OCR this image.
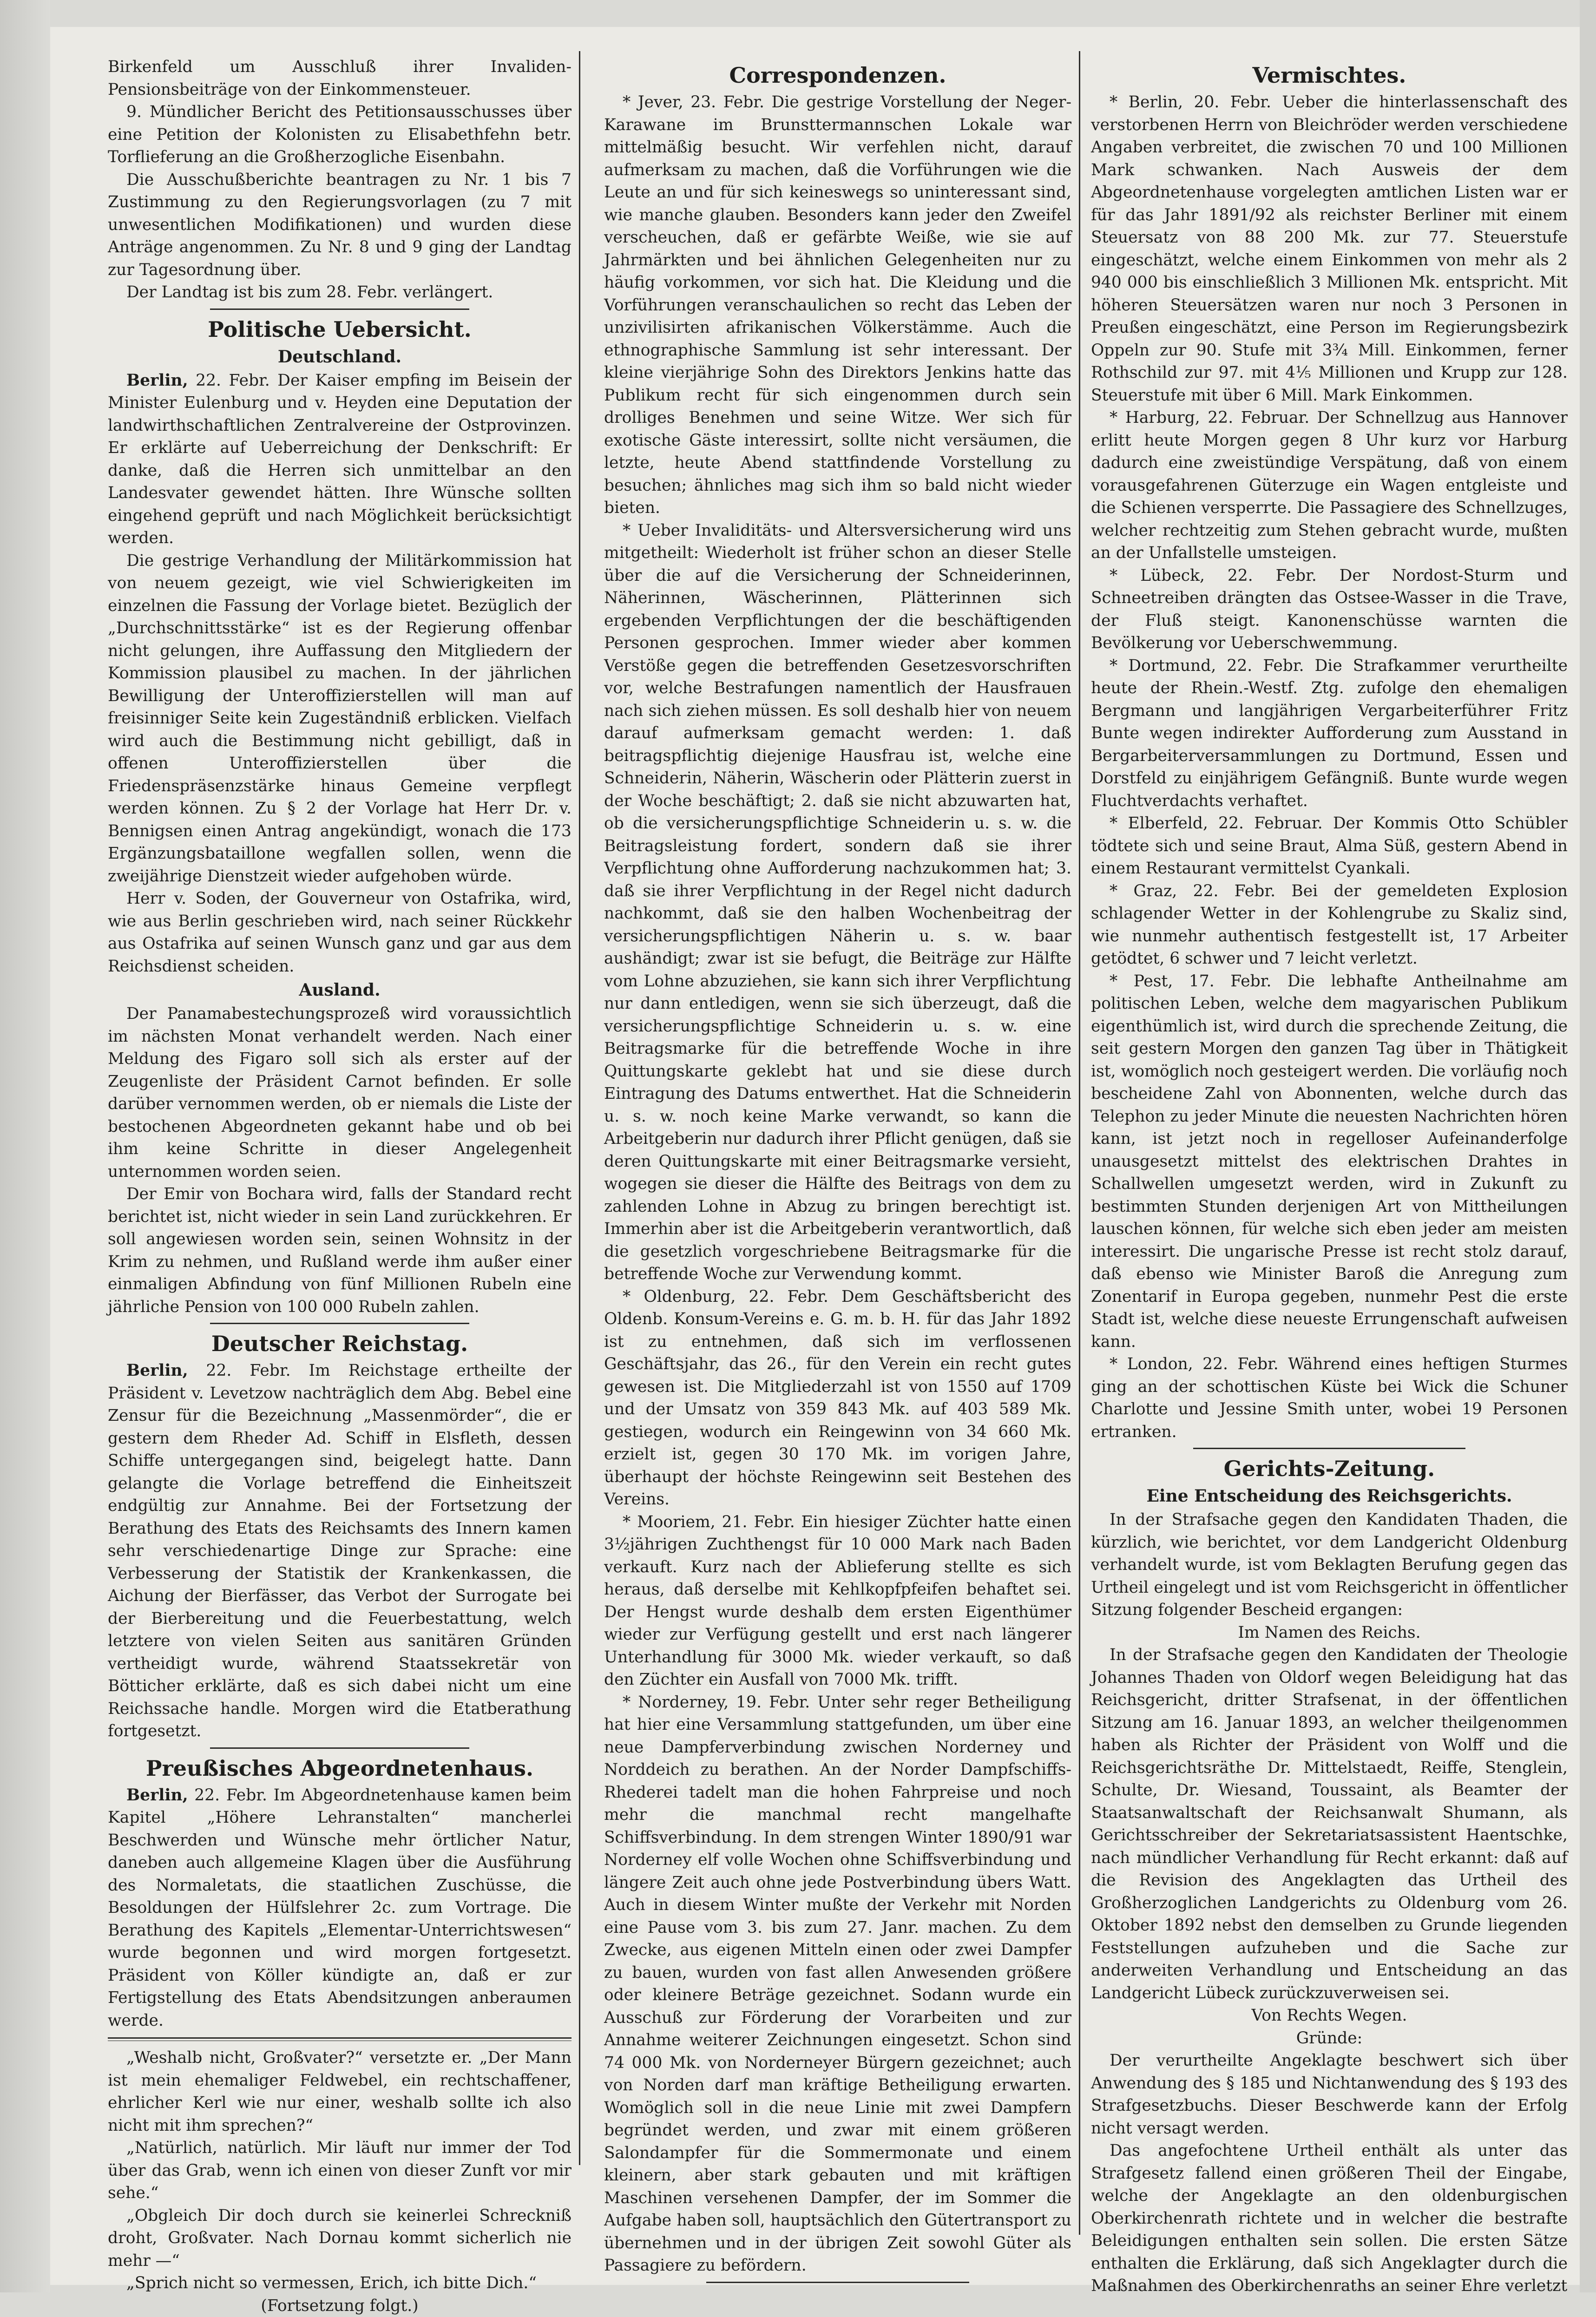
Birkenfeld um Ausschluß ihrer Invaliden-Pensionsbeiträge von der Einkommensteuer.

9. Mündlicher Bericht des Petitionsausschusses über eine Petition der Kolonisten zu Elisabethfehn betr. Torflieferung an die Großherzogliche Eisenbahn.

Die Ausschußberichte beantragen zu Nr. 1 bis 7 Zustimmung zu den Regierungsvorlagen (zu 7 mit unwesentlichen Modifikationen) und wurden diese Anträge angenommen. Zu Nr. 8 und 9 ging der Landtag zur Tagesordnung über.

Der Landtag ist bis zum 28. Febr. verlängert.

Politische Uebersicht.
Deutschland.

Berlin, 22. Febr. Der Kaiser empfing im Beisein der Minister Eulenburg und v. Heyden eine Deputation der landwirthschaftlichen Zentralvereine der Ostprovinzen. Er erklärte auf Ueberreichung der Denkschrift: Er danke, daß die Herren sich unmittelbar an den Landesvater gewendet hätten. Ihre Wünsche sollten eingehend geprüft und nach Möglichkeit berücksichtigt werden.

Die gestrige Verhandlung der Militärkommission hat von neuem gezeigt, wie viel Schwierigkeiten im einzelnen die Fassung der Vorlage bietet. Bezüglich der „Durchschnittsstärke“ ist es der Regierung offenbar nicht gelungen, ihre Auffassung den Mitgliedern der Kommission plausibel zu machen. In der jährlichen Bewilligung der Unteroffizierstellen will man auf freisinniger Seite kein Zugeständniß erblicken. Vielfach wird auch die Bestimmung nicht gebilligt, daß in offenen Unteroffizierstellen über die Friedenspräsenzstärke hinaus Gemeine verpflegt werden können. Zu § 2 der Vorlage hat Herr Dr. v. Bennigsen einen Antrag angekündigt, wonach die 173 Ergänzungsbataillone wegfallen sollen, wenn die zweijährige Dienstzeit wieder aufgehoben würde.

Herr v. Soden, der Gouverneur von Ostafrika, wird, wie aus Berlin geschrieben wird, nach seiner Rückkehr aus Ostafrika auf seinen Wunsch ganz und gar aus dem Reichsdienst scheiden.

Ausland.

Der Panamabestechungsprozeß wird voraussichtlich im nächsten Monat verhandelt werden. Nach einer Meldung des Figaro soll sich als erster auf der Zeugenliste der Präsident Carnot befinden. Er solle darüber vernommen werden, ob er niemals die Liste der bestochenen Abgeordneten gekannt habe und ob bei ihm keine Schritte in dieser Angelegenheit unternommen worden seien.

Der Emir von Bochara wird, falls der Standard recht berichtet ist, nicht wieder in sein Land zurückkehren. Er soll angewiesen worden sein, seinen Wohnsitz in der Krim zu nehmen, und Rußland werde ihm außer einer einmaligen Abfindung von fünf Millionen Rubeln eine jährliche Pension von 100 000 Rubeln zahlen.

Deutscher Reichstag.

Berlin, 22. Febr. Im Reichstage ertheilte der Präsident v. Levetzow nachträglich dem Abg. Bebel eine Zensur für die Bezeichnung „Massenmörder“, die er gestern dem Rheder Ad. Schiff in Elsfleth, dessen Schiffe untergegangen sind, beigelegt hatte. Dann gelangte die Vorlage betreffend die Einheitszeit endgültig zur Annahme. Bei der Fortsetzung der Berathung des Etats des Reichsamts des Innern kamen sehr verschiedenartige Dinge zur Sprache: eine Verbesserung der Statistik der Krankenkassen, die Aichung der Bierfässer, das Verbot der Surrogate bei der Bierbereitung und die Feuerbestattung, welch letztere von vielen Seiten aus sanitären Gründen vertheidigt wurde, während Staatssekretär von Bötticher erklärte, daß es sich dabei nicht um eine Reichssache handle. Morgen wird die Etatberathung fortgesetzt.

Preußisches Abgeordnetenhaus.

Berlin, 22. Febr. Im Abgeordnetenhause kamen beim Kapitel „Höhere Lehranstalten“ mancherlei Beschwerden und Wünsche mehr örtlicher Natur, daneben auch allgemeine Klagen über die Ausführung des Normaletats, die staatlichen Zuschüsse, die Besoldungen der Hülfslehrer 2c. zum Vortrage. Die Berathung des Kapitels „Elementar-Unterrichtswesen“ wurde begonnen und wird morgen fortgesetzt. Präsident von Köller kündigte an, daß er zur Fertigstellung des Etats Abendsitzungen anberaumen werde.

„Weshalb nicht, Großvater?“ versetzte er. „Der Mann ist mein ehemaliger Feldwebel, ein rechtschaffener, ehrlicher Kerl wie nur einer, weshalb sollte ich also nicht mit ihm sprechen?“

„Natürlich, natürlich. Mir läuft nur immer der Tod über das Grab, wenn ich einen von dieser Zunft vor mir sehe.“

„Obgleich Dir doch durch sie keinerlei Schreckniß droht, Großvater. Nach Dornau kommt sicherlich nie mehr —“

„Sprich nicht so vermessen, Erich, ich bitte Dich.“

(Fortsetzung folgt.)

Correspondenzen.

* Jever, 23. Febr. Die gestrige Vorstellung der Neger-Karawane im Brunsttermannschen Lokale war mittelmäßig besucht. Wir verfehlen nicht, darauf aufmerksam zu machen, daß die Vorführungen wie die Leute an und für sich keineswegs so uninteressant sind, wie manche glauben. Besonders kann jeder den Zweifel verscheuchen, daß er gefärbte Weiße, wie sie auf Jahrmärkten und bei ähnlichen Gelegenheiten nur zu häufig vorkommen, vor sich hat. Die Kleidung und die Vorführungen veranschaulichen so recht das Leben der unzivilisirten afrikanischen Völkerstämme. Auch die ethnographische Sammlung ist sehr interessant. Der kleine vierjährige Sohn des Direktors Jenkins hatte das Publikum recht für sich eingenommen durch sein drolliges Benehmen und seine Witze. Wer sich für exotische Gäste interessirt, sollte nicht versäumen, die letzte, heute Abend stattfindende Vorstellung zu besuchen; ähnliches mag sich ihm so bald nicht wieder bieten.

* Ueber Invaliditäts- und Altersversicherung wird uns mitgetheilt: Wiederholt ist früher schon an dieser Stelle über die auf die Versicherung der Schneiderinnen, Näherinnen, Wäscherinnen, Plätterinnen sich ergebenden Verpflichtungen der die beschäftigenden Personen gesprochen. Immer wieder aber kommen Verstöße gegen die betreffenden Gesetzesvorschriften vor, welche Bestrafungen namentlich der Hausfrauen nach sich ziehen müssen. Es soll deshalb hier von neuem darauf aufmerksam gemacht werden: 1. daß beitragspflichtig diejenige Hausfrau ist, welche eine Schneiderin, Näherin, Wäscherin oder Plätterin zuerst in der Woche beschäftigt; 2. daß sie nicht abzuwarten hat, ob die versicherungspflichtige Schneiderin u. s. w. die Beitragsleistung fordert, sondern daß sie ihrer Verpflichtung ohne Aufforderung nachzukommen hat; 3. daß sie ihrer Verpflichtung in der Regel nicht dadurch nachkommt, daß sie den halben Wochenbeitrag der versicherungspflichtigen Näherin u. s. w. baar aushändigt; zwar ist sie befugt, die Beiträge zur Hälfte vom Lohne abzuziehen, sie kann sich ihrer Verpflichtung nur dann entledigen, wenn sie sich überzeugt, daß die versicherungspflichtige Schneiderin u. s. w. eine Beitragsmarke für die betreffende Woche in ihre Quittungskarte geklebt hat und sie diese durch Eintragung des Datums entwerthet. Hat die Schneiderin u. s. w. noch keine Marke verwandt, so kann die Arbeitgeberin nur dadurch ihrer Pflicht genügen, daß sie deren Quittungskarte mit einer Beitragsmarke versieht, wogegen sie dieser die Hälfte des Beitrags von dem zu zahlenden Lohne in Abzug zu bringen berechtigt ist. Immerhin aber ist die Arbeitgeberin verantwortlich, daß die gesetzlich vorgeschriebene Beitragsmarke für die betreffende Woche zur Verwendung kommt.

* Oldenburg, 22. Febr. Dem Geschäftsbericht des Oldenb. Konsum-Vereins e. G. m. b. H. für das Jahr 1892 ist zu entnehmen, daß sich im verflossenen Geschäftsjahr, das 26., für den Verein ein recht gutes gewesen ist. Die Mitgliederzahl ist von 1550 auf 1709 und der Umsatz von 359 843 Mk. auf 403 589 Mk. gestiegen, wodurch ein Reingewinn von 34 660 Mk. erzielt ist, gegen 30 170 Mk. im vorigen Jahre, überhaupt der höchste Reingewinn seit Bestehen des Vereins.

* Mooriem, 21. Febr. Ein hiesiger Züchter hatte einen 3½jährigen Zuchthengst für 10 000 Mark nach Baden verkauft. Kurz nach der Ablieferung stellte es sich heraus, daß derselbe mit Kehlkopfpfeifen behaftet sei. Der Hengst wurde deshalb dem ersten Eigenthümer wieder zur Verfügung gestellt und erst nach längerer Unterhandlung für 3000 Mk. wieder verkauft, so daß den Züchter ein Ausfall von 7000 Mk. trifft.

* Norderney, 19. Febr. Unter sehr reger Betheiligung hat hier eine Versammlung stattgefunden, um über eine neue Dampferverbindung zwischen Norderney und Norddeich zu berathen. An der Norder Dampfschiffs-Rhederei tadelt man die hohen Fahrpreise und noch mehr die manchmal recht mangelhafte Schiffsverbindung. In dem strengen Winter 1890/91 war Norderney elf volle Wochen ohne Schiffsverbindung und längere Zeit auch ohne jede Postverbindung übers Watt. Auch in diesem Winter mußte der Verkehr mit Norden eine Pause vom 3. bis zum 27. Janr. machen. Zu dem Zwecke, aus eigenen Mitteln einen oder zwei Dampfer zu bauen, wurden von fast allen Anwesenden größere oder kleinere Beträge gezeichnet. Sodann wurde ein Ausschuß zur Förderung der Vorarbeiten und zur Annahme weiterer Zeichnungen eingesetzt. Schon sind 74 000 Mk. von Norderneyer Bürgern gezeichnet; auch von Norden darf man kräftige Betheiligung erwarten. Womöglich soll in die neue Linie mit zwei Dampfern begründet werden, und zwar mit einem größeren Salondampfer für die Sommermonate und einem kleinern, aber stark gebauten und mit kräftigen Maschinen versehenen Dampfer, der im Sommer die Aufgabe haben soll, hauptsächlich den Gütertransport zu übernehmen und in der übrigen Zeit sowohl Güter als Passagiere zu befördern.

Vermischtes.

* Berlin, 20. Febr. Ueber die hinterlassenschaft des verstorbenen Herrn von Bleichröder werden verschiedene Angaben verbreitet, die zwischen 70 und 100 Millionen Mark schwanken. Nach Ausweis der dem Abgeordnetenhause vorgelegten amtlichen Listen war er für das Jahr 1891/92 als reichster Berliner mit einem Steuersatz von 88 200 Mk. zur 77. Steuerstufe eingeschätzt, welche einem Einkommen von mehr als 2 940 000 bis einschließlich 3 Millionen Mk. entspricht. Mit höheren Steuersätzen waren nur noch 3 Personen in Preußen eingeschätzt, eine Person im Regierungsbezirk Oppeln zur 90. Stufe mit 3¾ Mill. Einkommen, ferner Rothschild zur 97. mit 4⅕ Millionen und Krupp zur 128. Steuerstufe mit über 6 Mill. Mark Einkommen.

* Harburg, 22. Februar. Der Schnellzug aus Hannover erlitt heute Morgen gegen 8 Uhr kurz vor Harburg dadurch eine zweistündige Verspätung, daß von einem vorausgefahrenen Güterzuge ein Wagen entgleiste und die Schienen versperrte. Die Passagiere des Schnellzuges, welcher rechtzeitig zum Stehen gebracht wurde, mußten an der Unfallstelle umsteigen.

* Lübeck, 22. Febr. Der Nordost-Sturm und Schneetreiben drängten das Ostsee-Wasser in die Trave, der Fluß steigt. Kanonenschüsse warnten die Bevölkerung vor Ueberschwemmung.

* Dortmund, 22. Febr. Die Strafkammer verurtheilte heute der Rhein.-Westf. Ztg. zufolge den ehemaligen Bergmann und langjährigen Vergarbeiterführer Fritz Bunte wegen indirekter Aufforderung zum Ausstand in Bergarbeiterversammlungen zu Dortmund, Essen und Dorstfeld zu einjährigem Gefängniß. Bunte wurde wegen Fluchtverdachts verhaftet.

* Elberfeld, 22. Februar. Der Kommis Otto Schübler tödtete sich und seine Braut, Alma Süß, gestern Abend in einem Restaurant vermittelst Cyankali.

* Graz, 22. Febr. Bei der gemeldeten Explosion schlagender Wetter in der Kohlengrube zu Skaliz sind, wie nunmehr authentisch festgestellt ist, 17 Arbeiter getödtet, 6 schwer und 7 leicht verletzt.

* Pest, 17. Febr. Die lebhafte Antheilnahme am politischen Leben, welche dem magyarischen Publikum eigenthümlich ist, wird durch die sprechende Zeitung, die seit gestern Morgen den ganzen Tag über in Thätigkeit ist, womöglich noch gesteigert werden. Die vorläufig noch bescheidene Zahl von Abonnenten, welche durch das Telephon zu jeder Minute die neuesten Nachrichten hören kann, ist jetzt noch in regelloser Aufeinanderfolge unausgesetzt mittelst des elektrischen Drahtes in Schallwellen umgesetzt werden, wird in Zukunft zu bestimmten Stunden derjenigen Art von Mittheilungen lauschen können, für welche sich eben jeder am meisten interessirt. Die ungarische Presse ist recht stolz darauf, daß ebenso wie Minister Baroß die Anregung zum Zonentarif in Europa gegeben, nunmehr Pest die erste Stadt ist, welche diese neueste Errungenschaft aufweisen kann.

* London, 22. Febr. Während eines heftigen Sturmes ging an der schottischen Küste bei Wick die Schuner Charlotte und Jessine Smith unter, wobei 19 Personen ertranken.

Gerichts-Zeitung.
Eine Entscheidung des Reichsgerichts.

In der Strafsache gegen den Kandidaten Thaden, die kürzlich, wie berichtet, vor dem Landgericht Oldenburg verhandelt wurde, ist vom Beklagten Berufung gegen das Urtheil eingelegt und ist vom Reichsgericht in öffentlicher Sitzung folgender Bescheid ergangen:

Im Namen des Reichs.

In der Strafsache gegen den Kandidaten der Theologie Johannes Thaden von Oldorf wegen Beleidigung hat das Reichsgericht, dritter Strafsenat, in der öffentlichen Sitzung am 16. Januar 1893, an welcher theilgenommen haben als Richter der Präsident von Wolff und die Reichsgerichtsräthe Dr. Mittelstaedt, Reiffe, Stenglein, Schulte, Dr. Wiesand, Toussaint, als Beamter der Staatsanwaltschaft der Reichsanwalt Shumann, als Gerichtsschreiber der Sekretariatsassistent Haentschke, nach mündlicher Verhandlung für Recht erkannt: daß auf die Revision des Angeklagten das Urtheil des Großherzoglichen Landgerichts zu Oldenburg vom 26. Oktober 1892 nebst den demselben zu Grunde liegenden Feststellungen aufzuheben und die Sache zur anderweiten Verhandlung und Entscheidung an das Landgericht Lübeck zurückzuverweisen sei.

Von Rechts Wegen.

Gründe:

Der verurtheilte Angeklagte beschwert sich über Anwendung des § 185 und Nichtanwendung des § 193 des Strafgesetzbuchs. Dieser Beschwerde kann der Erfolg nicht versagt werden.

Das angefochtene Urtheil enthält als unter das Strafgesetz fallend einen größeren Theil der Eingabe, welche der Angeklagte an den oldenburgischen Oberkirchenrath richtete und in welcher die bestrafte Beleidigungen enthalten sein sollen. Die ersten Sätze enthalten die Erklärung, daß sich Angeklagter durch die Maßnahmen des Oberkirchenraths an seiner Ehre verletzt
